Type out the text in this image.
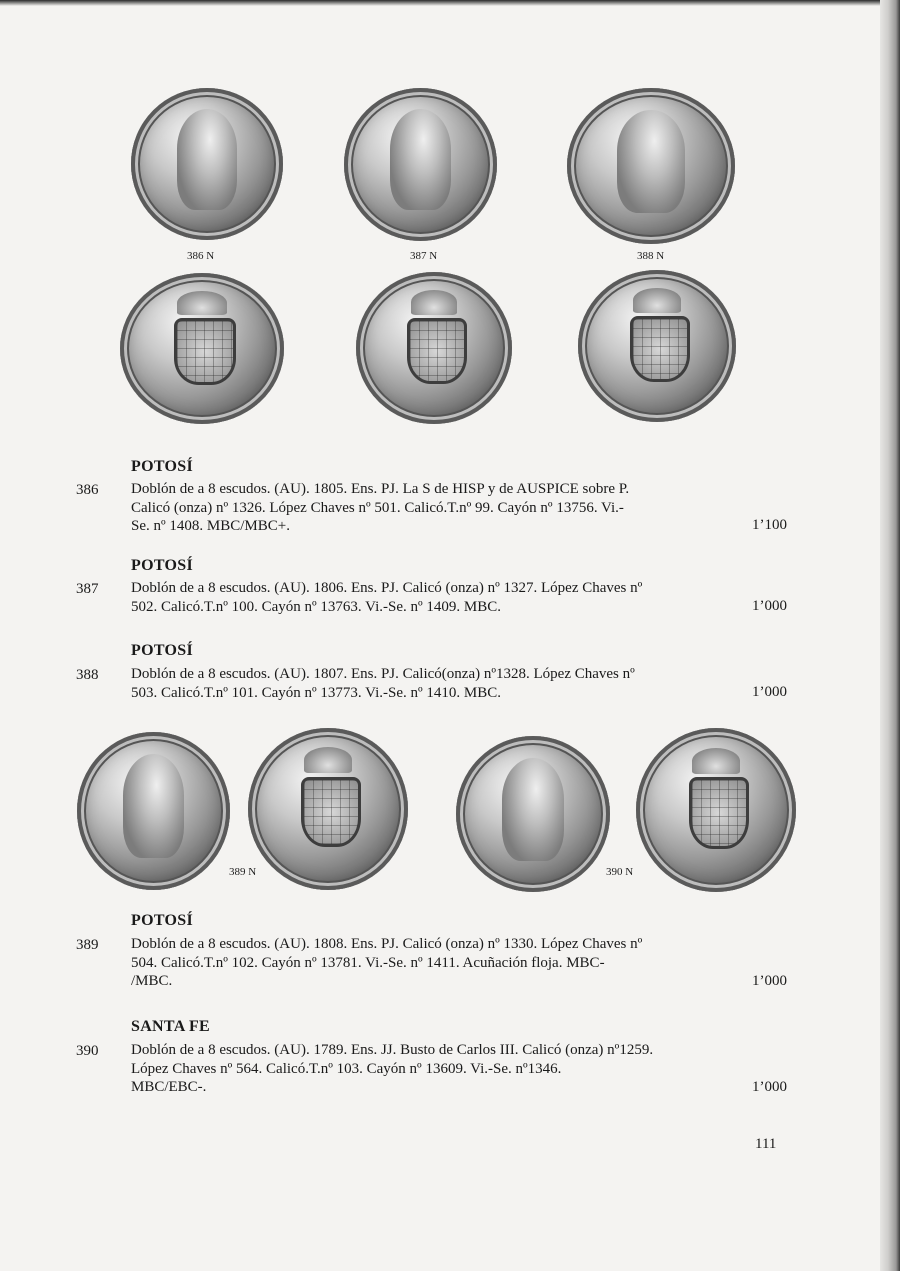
386 N	387 N	388 N
POTOSÍ
386 Doblón de a 8 escudos. (AU). 1805. Ens. PJ. La S de HISP y de AUSPICE sobre P.
Calicó (onza) nº 1326. López Chaves nº 501. Calicó.T.nº 99. Cayón nº 13756. Vi.-
Se. nº 1408. MBC/MBC+.	1’100
POTOSÍ
387 Doblón de a 8 escudos. (AU). 1806. Ens. PJ. Calicó (onza) nº 1327. López Chaves nº
502. Calicó.T.nº 100. Cayón nº 13763. Vi.-Se. nº 1409. MBC.	1’000
POTOSÍ
388 Doblón de a 8 escudos. (AU). 1807. Ens. PJ. Calicó(onza) nº1328. López Chaves nº
503. Calicó.T.nº 101. Cayón nº 13773. Vi.-Se. nº 1410. MBC.	1’000
389 N	390 N
POTOSÍ
389 Doblón de a 8 escudos. (AU). 1808. Ens. PJ. Calicó (onza) nº 1330. López Chaves nº
504. Calicó.T.nº 102. Cayón nº 13781. Vi.-Se. nº 1411. Acuñación floja. MBC-
/MBC.	1’000
SANTA FE
390 Doblón de a 8 escudos. (AU). 1789. Ens. JJ. Busto de Carlos III. Calicó (onza) nº1259.
López Chaves nº 564. Calicó.T.nº 103. Cayón nº 13609. Vi.-Se. nº1346.
MBC/EBC-.	1’000
111
